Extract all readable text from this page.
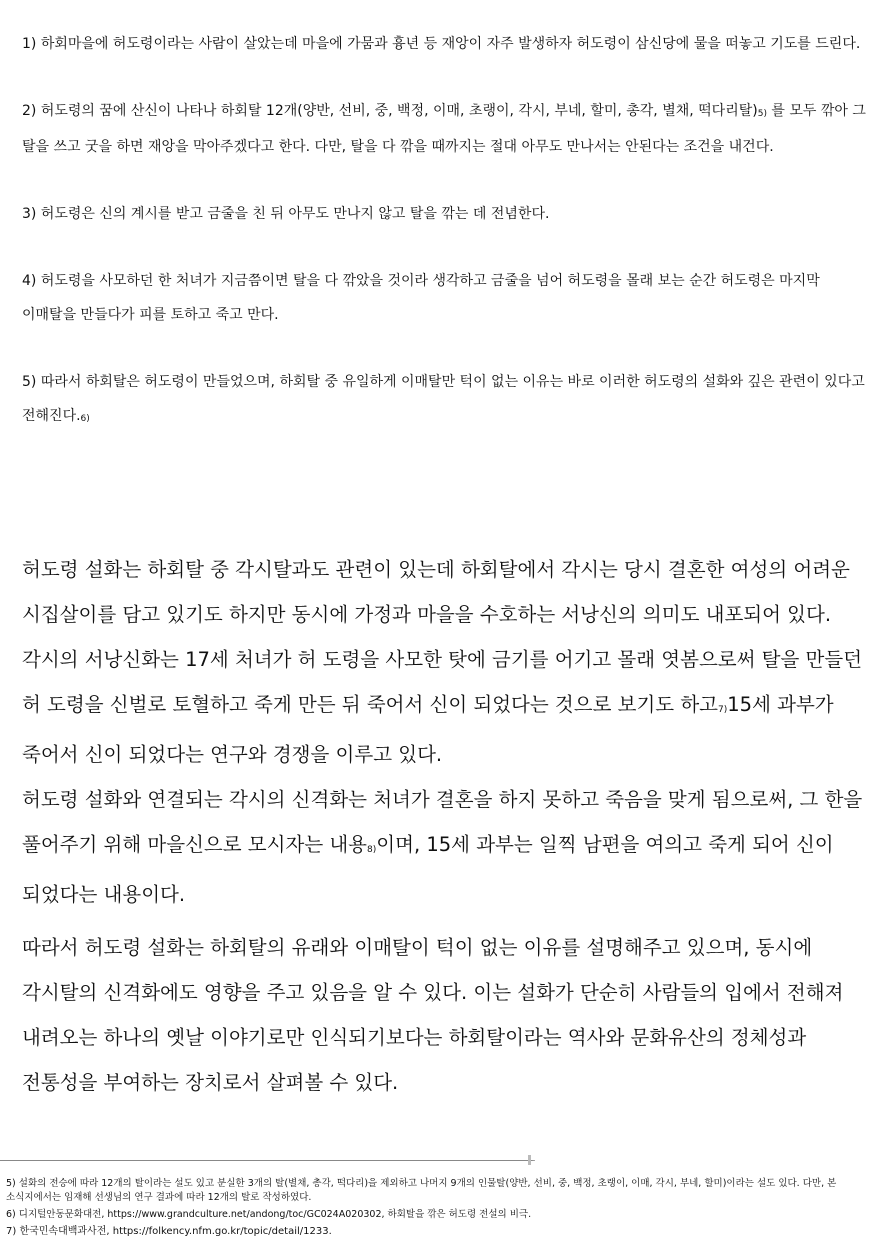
1) 하회마을에 허도령이라는 사람이 살았는데 마을에 가뭄과 흉년 등 재앙이 자주 발생하자 허도령이 삼신당에 물을 떠놓고 기도를 드린다.

2) 허도령의 꿈에 산신이 나타나 하회탈 12개(양반, 선비, 중, 백정, 이매, 초랭이, 각시, 부네, 할미, 총각, 별채, 떡다리탈)5) 를 모두 깎아 그 탈을 쓰고 굿을 하면 재앙을 막아주겠다고 한다. 다만, 탈을 다 깎을 때까지는 절대 아무도 만나서는 안된다는 조건을 내건다.

3) 허도령은 신의 계시를 받고 금줄을 친 뒤 아무도 만나지 않고 탈을 깎는 데 전념한다.

4) 허도령을 사모하던 한 처녀가 지금쯤이면 탈을 다 깎았을 것이라 생각하고 금줄을 넘어 허도령을 몰래 보는 순간 허도령은 마지막 이매탈을 만들다가 피를 토하고 죽고 만다.

5) 따라서 하회탈은 허도령이 만들었으며, 하회탈 중 유일하게 이매탈만 턱이 없는 이유는 바로 이러한 허도령의 설화와 깊은 관련이 있다고 전해진다.6)

허도령 설화는 하회탈 중 각시탈과도 관련이 있는데 하회탈에서 각시는 당시 결혼한 여성의 어려운 시집살이를 담고 있기도 하지만 동시에 가정과 마을을 수호하는 서낭신의 의미도 내포되어 있다. 각시의 서낭신화는 17세 처녀가 허 도령을 사모한 탓에 금기를 어기고 몰래 엿봄으로써 탈을 만들던 허 도령을 신벌로 토혈하고 죽게 만든 뒤 죽어서 신이 되었다는 것으로 보기도 하고7)15세 과부가 죽어서 신이 되었다는 연구와 경쟁을 이루고 있다.

허도령 설화와 연결되는 각시의 신격화는 처녀가 결혼을 하지 못하고 죽음을 맞게 됨으로써, 그 한을 풀어주기 위해 마을신으로 모시자는 내용8)이며, 15세 과부는 일찍 남편을 여의고 죽게 되어 신이 되었다는 내용이다.

따라서 허도령 설화는 하회탈의 유래와 이매탈이 턱이 없는 이유를 설명해주고 있으며, 동시에 각시탈의 신격화에도 영향을 주고 있음을 알 수 있다. 이는 설화가 단순히 사람들의 입에서 전해져 내려오는 하나의 옛날 이야기로만 인식되기보다는 하회탈이라는 역사와 문화유산의 정체성과 전통성을 부여하는 장치로서 살펴볼 수 있다.

5) 설화의 전승에 따라 12개의 탈이라는 설도 있고 분실한 3개의 탈(별채, 총각, 떡다리)을 제외하고 나머지 9개의 인물탈(양반, 선비, 중, 백정, 초랭이, 이매, 각시, 부네, 할미)이라는 설도 있다. 다만, 본 소식지에서는 임재해 선생님의 연구 결과에 따라 12개의 탈로 작성하였다.

6) 디지털안동문화대전, https://www.grandculture.net/andong/toc/GC024A020302, 하회탈을 깎은 허도령 전설의 비극.

7) 한국민속대백과사전, https://folkency.nfm.go.kr/topic/detail/1233.
